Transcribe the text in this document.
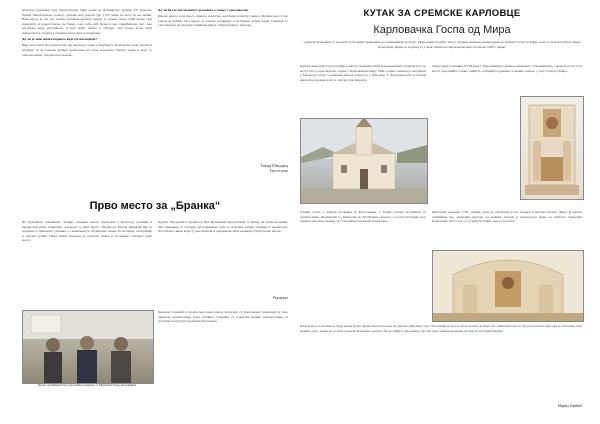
ентитета (региона) које представљају први корак ка формирању државе ЕУ региона. Према Лисабонском уговору, државе које једном уђу у ЕУ више не могу из ње изаћи. Наш народ је све ово платио великом жртвом, крвљу и сузама. Када Срби бране свој идентитет и православље, не бране само себе, већ бране и цео хришћански свет. Ако изгубимо веру, изгубићемо и свој језик, писмо и обичаје. Зато народ мора бити јединствен и сложан у очувању своје вере и традиције.

Да ли је лепо имати порекло које сте наследили?

Није лепо бити без прошлости, јер прошлост води у будућност. Поштујемо своје претке и трудимо се да њихове врлине пренесемо на нова поколења. Писмо, језик и вера су темељи нашег трајања кроз векове.

Да ли би сте могли нешто да кажете о учењу у овој школи?

Школа нам је дала много знања и искуства, која ћемо понети у живот. Професори су нас учили да волимо свој народ, да чувамо традицију и да будемо добри људи. Ученици су учествовали на бројним такмичењима и освојили многе награде.

Тамара Шандарац
Тресто-реко
Прво место за „Бранка“

На Државном такмичењу лекција средњих школа одржаном у Београду ученици и професори наше гимназије освојили су прво место. Професор Милан Рајковић био је задужен за припрему ученика, а такмичење је обухватило знање из историје, географије и српског језика. Наша екипа показала је одлично знање и заслужено освојила прво место.

Душан Тодоровић и професор Вук Бранковић представили су школу на најбољи начин. Ово признање је потврда дугогодишњег рада и залагања наших ученика и професора. Честитамо свима који су учествовали и допринели овом великом успеху наше школе.

Редакција
Проф. др Милан Радосављевић (средина) са Милошем Радосављевићем

Љиљана Срзенић и професори наше школе посетили су Карловачку гимназију и тамо одржали презентацију рада ученика. Ученици су показали велико интересовање за историју и културу Сремских Карловаца.

КУТАК ЗА СРЕМСКЕ КАРЛОВЦЕ
Карловачка Госпа од Мира

Сремски Карловци су познати по бројним храмовима и споменицима културе. Међу њима посебно место заузима римокатоличка црква посвећена Госпи од Мира, која се налази на брду изнад Карловаца. Црква је подигнута у знак сећања на Карловачки мир потписан 1699. године.

Капела мира или Госпа од Мира, како је познатија међу Карловчанима, подигнута је на месту где су преговарале стране у Карловачком миру 1699. године. Капела је изграђена у барокном стилу, а данашњи изглед добила је у XIX веку. У унутрашњости се налази икона Богородице која се сматра чудотворном.

Током прве половине XVIII века у Карловцима је живело мешовито становништво, а капела је постала место ходочашћа. Сваке године 8. септембра одржава се велико славље у част Госпе од Мира.

Главни олтар у капели посвећен је Богородици, а бочни олтари посвећени су светитељима. Орнаменти и сликарство из XVIII века сведоче о богатој историји овог храма и његовом значају за становнике Сремских Карловаца.

Фрескама украшен 1730. године, храм је обновљен после пожара и многих ратова. Данас је капела заштићена као споменик културе од великог значаја и представља један од симбола Сремских Карловаца, места где се сусрећу историја, вера и култура.

Капела која се налази на брду изнад града пружа прелеп поглед на Дунав и Фрушку гору. Посетиоци из целог света долазе да виде ово знаменито место где је потписан мир који је обележио крај великог рата. Свако ко посети Сремске Карловце требало би да обиђе и ову капелу, јер она чува сећање на важан догађај из историје Европе.

Марија Јерићић
